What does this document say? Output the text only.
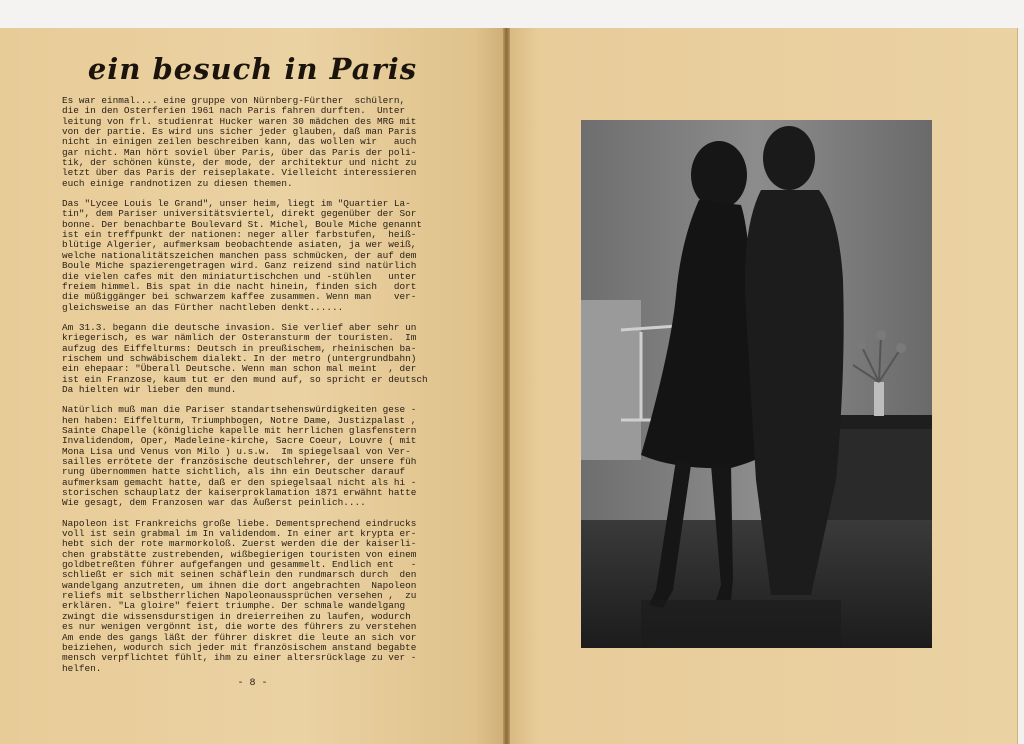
ein besuch in Paris

Es war einmal.... eine gruppe von Nürnberg-Fürther  schülern,
die in den Osterferien 1961 nach Paris fahren durften.  Unter
leitung von frl. studienrat Hucker waren 30 mädchen des MRG mit
von der partie. Es wird uns sicher jeder glauben, daß man Paris
nicht in einigen zeilen beschreiben kann, das wollen wir   auch
gar nicht. Man hört soviel über Paris, über das Paris der poli-
tik, der schönen künste, der mode, der architektur und nicht zu
letzt über das Paris der reiseplakate. Vielleicht interessieren
euch einige randnotizen zu diesen themen.

Das "Lycee Louis le Grand", unser heim, liegt im "Quartier La-
tin", dem Pariser universitätsviertel, direkt gegenüber der Sor
bonne. Der benachbarte Boulevard St. Michel, Boule Miche genannt
ist ein treffpunkt der nationen: neger aller farbstufen,  heiß-
blütige Algerier, aufmerksam beobachtende asiaten, ja wer weiß,
welche nationalitätszeichen manchen pass schmücken, der auf dem
Boule Miche spazierengetragen wird. Ganz reizend sind natürlich
die vielen cafes mit den miniaturtischchen und -stühlen   unter
freiem himmel. Bis spat in die nacht hinein, finden sich   dort
die müßiggänger bei schwarzem kaffee zusammen. Wenn man    ver-
gleichsweise an das Fürther nachtleben denkt......

Am 31.3. begann die deutsche invasion. Sie verlief aber sehr un
kriegerisch, es war nämlich der Osteransturm der touristen.  Im
aufzug des Eiffelturms: Deutsch in preußischem, rheinischen ba-
rischem und schwäbischem dialekt. In der metro (untergrundbahn)
ein ehepaar: "Überall Deutsche. Wenn man schon mal meint  , der
ist ein Franzose, kaum tut er den mund auf, so spricht er deutsch
Da hielten wir lieber den mund.

Natürlich muß man die Pariser standartsehenswürdigkeiten gese -
hen haben: Eiffelturm, Triumphbogen, Notre Dame, Justizpalast ,
Sainte Chapelle (königliche kapelle mit herrlichen glasfenstern
Invalidendom, Oper, Madeleine-kirche, Sacre Coeur, Louvre ( mit
Mona Lisa und Venus von Milo ) u.s.w.  Im spiegelsaal von Ver-
sailles errötete der französische deutschlehrer, der unsere füh
rung übernommen hatte sichtlich, als ihn ein Deutscher darauf
aufmerksam gemacht hatte, daß er den spiegelsaal nicht als hi -
storischen schauplatz der kaiserproklamation 1871 erwähnt hatte
Wie gesagt, dem Franzosen war das Äußerst peinlich....

Napoleon ist Frankreichs große liebe. Dementsprechend eindrucks
voll ist sein grabmal im In validendom. In einer art krypta er-
hebt sich der rote marmorkoloß. Zuerst werden die der kaiserli-
chen grabstätte zustrebenden, wißbegierigen touristen von einem
goldbetreßten führer aufgefangen und gesammelt. Endlich ent   -
schließt er sich mit seinen schäflein den rundmarsch durch  den
wandelgang anzutreten, um ihnen die dort angebrachten  Napoleon
reliefs mit selbstherrlichen Napoleonaussprüchen versehen ,  zu
erklären. "La gloire" feiert triumphe. Der schmale wandelgang
zwingt die wissensdurstigen in dreierreihen zu laufen, wodurch
es nur wenigen vergönnt ist, die worte des führers zu verstehen
Am ende des gangs läßt der führer diskret die leute an sich vor
beiziehen, wodurch sich jeder mit französischem anstand begabte
mensch verpflichtet fühlt, ihm zu einer altersrücklage zu ver -
helfen.

- 8 -
